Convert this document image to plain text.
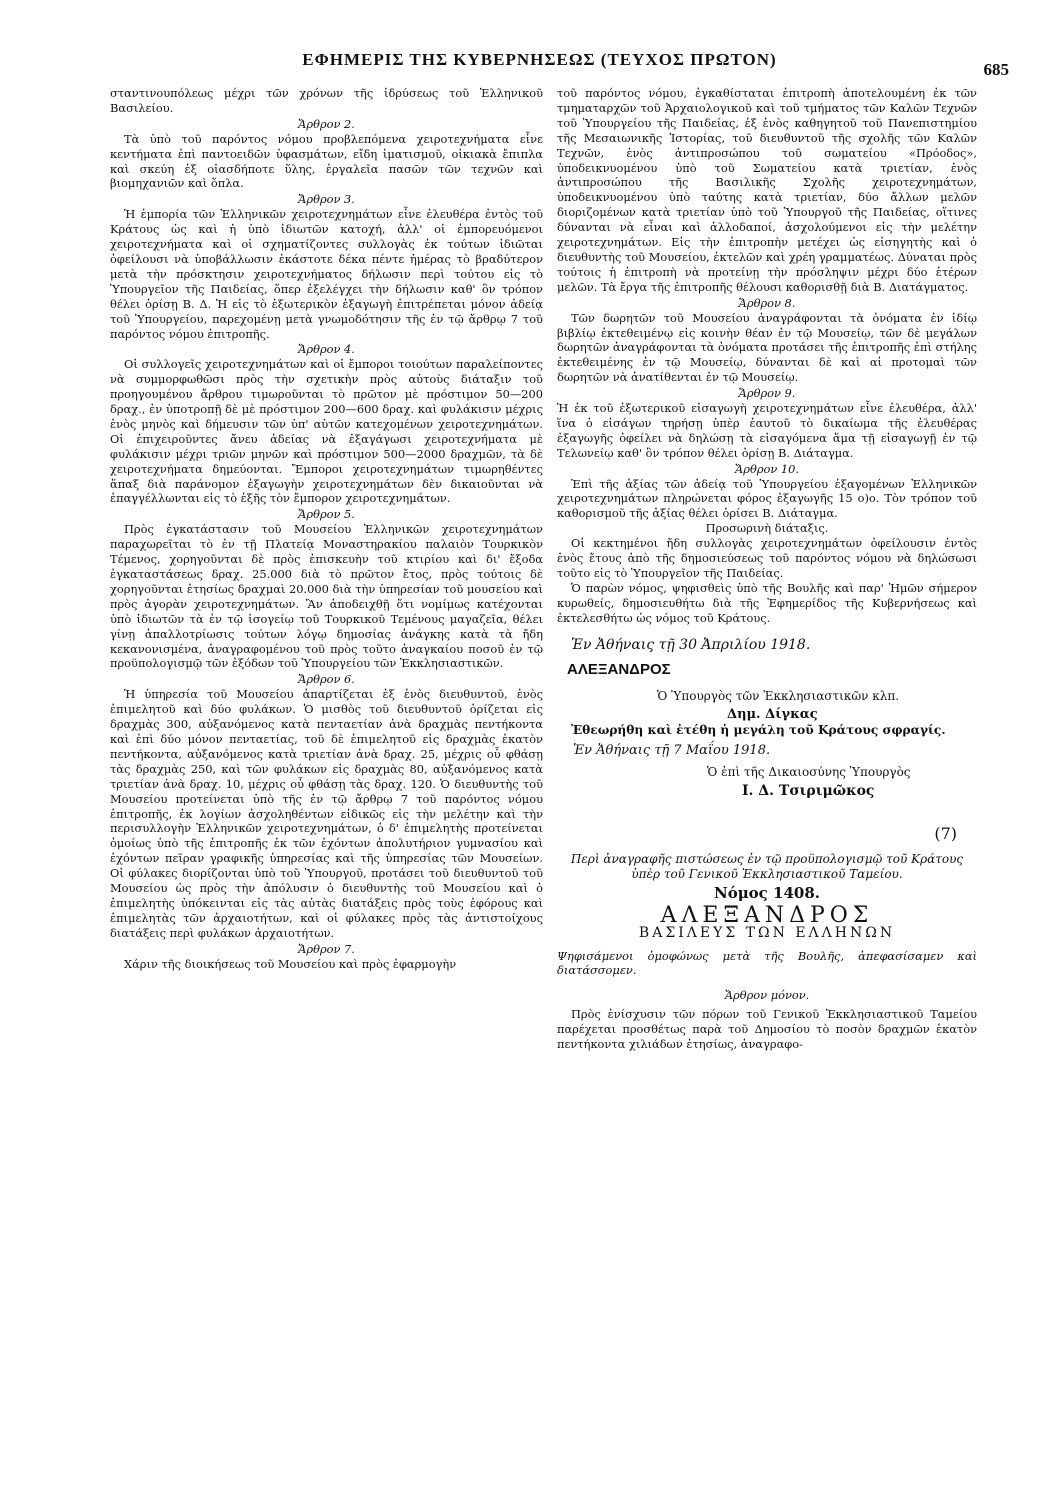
ΕΦΗΜΕΡΙΣ ΤΗΣ ΚΥΒΕΡΝΗΣΕΩΣ (ΤΕΥΧΟΣ ΠΡΩΤΟΝ)
685

σταντινουπόλεως μέχρι τῶν χρόνων τῆς ἱδρύσεως τοῦ Ἑλληνικοῦ Βασιλείου.

Ἄρθρον 2.

Τὰ ὑπὸ τοῦ παρόντος νόμου προβλεπόμενα χειροτεχνήματα εἶνε κεντήματα ἐπὶ παντοειδῶν ὑφασμάτων, εἴδη ἱματισμοῦ, οἰκιακὰ ἔπιπλα καὶ σκεύη ἐξ οἱασδήποτε ὕλης, ἐργαλεῖα πασῶν τῶν τεχνῶν καὶ βιομηχανιῶν καὶ ὅπλα.

Ἄρθρον 3.

Ἡ ἐμπορία τῶν Ἑλληνικῶν χειροτεχνημάτων εἶνε ἐλευθέρα ἐντὸς τοῦ Κράτους ὡς καὶ ἡ ὑπὸ ἰδιωτῶν κατοχή, ἀλλ' οἱ ἐμπορευόμενοι χειροτεχνήματα καὶ οἱ σχηματίζοντες συλλογὰς ἐκ τούτων ἰδιῶται ὀφείλουσι νὰ ὑποβάλλωσιν ἑκάστοτε δέκα πέντε ἡμέρας τὸ βραδύτερον μετὰ τὴν πρόσκτησιν χειροτεχνήματος δήλωσιν περὶ τούτου εἰς τὸ Ὑπουργεῖον τῆς Παιδείας, ὅπερ ἐξελέγχει τὴν δήλωσιν καθ' ὃν τρόπον θέλει ὁρίσῃ Β. Δ. Ἡ εἰς τὸ ἐξωτερικὸν ἐξαγωγὴ ἐπιτρέπεται μόνον ἀδείᾳ τοῦ Ὑπουργείου, παρεχομένῃ μετὰ γνωμοδότησιν τῆς ἐν τῷ ἄρθρῳ 7 τοῦ παρόντος νόμου ἐπιτροπῆς.

Ἄρθρον 4.

Οἱ συλλογεῖς χειροτεχνημάτων καὶ οἱ ἔμποροι τοιούτων παραλείποντες νὰ συμμορφωθῶσι πρὸς τὴν σχετικὴν πρὸς αὐτοὺς διάταξιν τοῦ προηγουμένου ἄρθρου τιμωροῦνται τὸ πρῶτον μὲ πρόστιμον 50—200 δραχ., ἐν ὑποτροπῇ δὲ μὲ πρόστιμον 200—600 δραχ. καὶ φυλάκισιν μέχρις ἑνὸς μηνὸς καὶ δήμευσιν τῶν ὑπ' αὐτῶν κατεχομένων χειροτεχνημάτων. Οἱ ἐπιχειροῦντες ἄνευ ἀδείας νὰ ἐξαγάγωσι χειροτεχνήματα μὲ φυλάκισιν μέχρι τριῶν μηνῶν καὶ πρόστιμον 500—2000 δραχμῶν, τὰ δὲ χειροτεχνήματα δημεύονται. Ἔμποροι χειροτεχνημάτων τιμωρηθέντες ἅπαξ διὰ παράνομον ἐξαγωγὴν χειροτεχνημάτων δὲν δικαιοῦνται νὰ ἐπαγγέλλωνται εἰς τὸ ἑξῆς τὸν ἔμπορον χειροτεχνημάτων.

Ἄρθρον 5.

Πρὸς ἐγκατάστασιν τοῦ Μουσείου Ἑλληνικῶν χειροτεχνημάτων παραχωρεῖται τὸ ἐν τῇ Πλατείᾳ Μοναστηρακίου παλαιὸν Τουρκικὸν Τέμενος, χορηγοῦνται δὲ πρὸς ἐπισκευὴν τοῦ κτιρίου καὶ δι' ἔξοδα ἐγκαταστάσεως δραχ. 25.000 διὰ τὸ πρῶτον ἔτος, πρὸς τούτοις δὲ χορηγοῦνται ἐτησίως δραχμαὶ 20.000 διὰ τὴν ὑπηρεσίαν τοῦ μουσείου καὶ πρὸς ἀγορὰν χειροτεχνημάτων. Ἂν ἀποδειχθῇ ὅτι νομίμως κατέχονται ὑπὸ ἰδιωτῶν τὰ ἐν τῷ ἰσογείῳ τοῦ Τουρκικοῦ Τεμένους μαγαζεῖα, θέλει γίνῃ ἀπαλλοτρίωσις τούτων λόγῳ δημοσίας ἀνάγκης κατὰ τὰ ἤδη κεκανονισμένα, ἀναγραφομένου τοῦ πρὸς τοῦτο ἀναγκαίου ποσοῦ ἐν τῷ προϋπολογισμῷ τῶν ἐξόδων τοῦ Ὑπουργείου τῶν Ἐκκλησιαστικῶν.

Ἄρθρον 6.

Ἡ ὑπηρεσία τοῦ Μουσείου ἀπαρτίζεται ἐξ ἑνὸς διευθυντοῦ, ἑνὸς ἐπιμελητοῦ καὶ δύο φυλάκων. Ὁ μισθὸς τοῦ διευθυντοῦ ὁρίζεται εἰς δραχμὰς 300, αὐξανόμενος κατὰ πενταετίαν ἀνὰ δραχμὰς πεντήκοντα καὶ ἐπὶ δύο μόνον πενταετίας, τοῦ δὲ ἐπιμελητοῦ εἰς δραχμὰς ἑκατὸν πεντήκοντα, αὐξανόμενος κατὰ τριετίαν ἀνὰ δραχ. 25, μέχρις οὗ φθάσῃ τὰς δραχμὰς 250, καὶ τῶν φυλάκων εἰς δραχμὰς 80, αὐξανόμενος κατὰ τριετίαν ἀνὰ δραχ. 10, μέχρις οὗ φθάσῃ τὰς δραχ. 120. Ὁ διευθυντὴς τοῦ Μουσείου προτείνεται ὑπὸ τῆς ἐν τῷ ἄρθρῳ 7 τοῦ παρόντος νόμου ἐπιτροπῆς, ἐκ λογίων ἀσχοληθέντων εἰδικῶς εἰς τὴν μελέτην καὶ τὴν περισυλλογὴν Ἑλληνικῶν χειροτεχνημάτων, ὁ δ' ἐπιμελητὴς προτείνεται ὁμοίως ὑπὸ τῆς ἐπιτροπῆς ἐκ τῶν ἐχόντων ἀπολυτήριον γυμνασίου καὶ ἐχόντων πεῖραν γραφικῆς ὑπηρεσίας καὶ τῆς ὑπηρεσίας τῶν Μουσείων. Οἱ φύλακες διορίζονται ὑπὸ τοῦ Ὑπουργοῦ, προτάσει τοῦ διευθυντοῦ τοῦ Μουσείου ὡς πρὸς τὴν ἀπόλυσιν ὁ διευθυντὴς τοῦ Μουσείου καὶ ὁ ἐπιμελητὴς ὑπόκεινται εἰς τὰς αὐτὰς διατάξεις πρὸς τοὺς ἐφόρους καὶ ἐπιμελητὰς τῶν ἀρχαιοτήτων, καὶ οἱ φύλακες πρὸς τὰς ἀντιστοίχους διατάξεις περὶ φυλάκων ἀρχαιοτήτων.

Ἄρθρον 7.

Χάριν τῆς διοικήσεως τοῦ Μουσείου καὶ πρὸς ἐφαρμογὴν

τοῦ παρόντος νόμου, ἐγκαθίσταται ἐπιτροπὴ ἀποτελουμένη ἐκ τῶν τμηματαρχῶν τοῦ Ἀρχαιολογικοῦ καὶ τοῦ τμήματος τῶν Καλῶν Τεχνῶν τοῦ Ὑπουργείου τῆς Παιδείας, ἐξ ἑνὸς καθηγητοῦ τοῦ Πανεπιστημίου τῆς Μεσαιωνικῆς Ἱστορίας, τοῦ διευθυντοῦ τῆς σχολῆς τῶν Καλῶν Τεχνῶν, ἑνὸς ἀντιπροσώπου τοῦ σωματείου «Πρόοδος», ὑποδεικνυομένου ὑπὸ τοῦ Σωματείου κατὰ τριετίαν, ἑνὸς ἀντιπροσώπου τῆς Βασιλικῆς Σχολῆς χειροτεχνημάτων, ὑποδεικνυομένου ὑπὸ ταύτης κατὰ τριετίαν, δύο ἄλλων μελῶν διοριζομένων κατὰ τριετίαν ὑπὸ τοῦ Ὑπουργοῦ τῆς Παιδείας, οἵτινες δύνανται νὰ εἶναι καὶ ἀλλοδαποί, ἀσχολούμενοι εἰς τὴν μελέτην χειροτεχνημάτων. Εἰς τὴν ἐπιτροπὴν μετέχει ὡς εἰσηγητὴς καὶ ὁ διευθυντὴς τοῦ Μουσείου, ἐκτελῶν καὶ χρέη γραμματέως. Δύναται πρὸς τούτοις ἡ ἐπιτροπὴ νὰ προτείνῃ τὴν πρόσληψιν μέχρι δύο ἑτέρων μελῶν. Τὰ ἔργα τῆς ἐπιτροπῆς θέλουσι καθορισθῇ διὰ Β. Διατάγματος.

Ἄρθρον 8.

Τῶν δωρητῶν τοῦ Μουσείου ἀναγράφονται τὰ ὀνόματα ἐν ἰδίῳ βιβλίῳ ἐκτεθειμένῳ εἰς κοινὴν θέαν ἐν τῷ Μουσείῳ, τῶν δὲ μεγάλων δωρητῶν ἀναγράφονται τὰ ὀνόματα προτάσει τῆς ἐπιτροπῆς ἐπὶ στήλης ἐκτεθειμένης ἐν τῷ Μουσείῳ, δύνανται δὲ καὶ αἱ προτομαὶ τῶν δωρητῶν νὰ ἀνατίθενται ἐν τῷ Μουσείῳ.

Ἄρθρον 9.

Ἡ ἐκ τοῦ ἐξωτερικοῦ εἰσαγωγὴ χειροτεχνημάτων εἶνε ἐλευθέρα, ἀλλ' ἵνα ὁ εἰσάγων τηρήσῃ ὑπὲρ ἑαυτοῦ τὸ δικαίωμα τῆς ἐλευθέρας ἐξαγωγῆς ὀφείλει νὰ δηλώσῃ τὰ εἰσαγόμενα ἅμα τῇ εἰσαγωγῇ ἐν τῷ Τελωνείῳ καθ' ὃν τρόπον θέλει ὁρίσῃ Β. Διάταγμα.

Ἄρθρον 10.

Ἐπὶ τῆς ἀξίας τῶν ἀδείᾳ τοῦ Ὑπουργείου ἐξαγομένων Ἑλληνικῶν χειροτεχνημάτων πληρώνεται φόρος ἐξαγωγῆς 15 ο)ο. Τὸν τρόπον τοῦ καθορισμοῦ τῆς ἀξίας θέλει ὁρίσει Β. Διάταγμα.

Προσωρινὴ διάταξις.

Οἱ κεκτημένοι ἤδη συλλογὰς χειροτεχνημάτων ὀφείλουσιν ἐντὸς ἑνὸς ἔτους ἀπὸ τῆς δημοσιεύσεως τοῦ παρόντος νόμου νὰ δηλώσωσι τοῦτο εἰς τὸ Ὑπουργεῖον τῆς Παιδείας.

Ὁ παρὼν νόμος, ψηφισθεὶς ὑπὸ τῆς Βουλῆς καὶ παρ' Ἡμῶν σήμερον κυρωθείς, δημοσιευθήτω διὰ τῆς Ἐφημερίδος τῆς Κυβερνήσεως καὶ ἐκτελεσθήτω ὡς νόμος τοῦ Κράτους.

Ἐν Ἀθήναις τῇ 30 Ἀπριλίου 1918.
ΑΛΕΞΑΝΔΡΟΣ
Ὁ Ὑπουργὸς τῶν Ἐκκλησιαστικῶν κλπ.
Δημ. Δίγκας

Ἐθεωρήθη καὶ ἐτέθη ἡ μεγάλη τοῦ Κράτους σφραγίς.

Ἐν Ἀθήναις τῇ 7 Μαΐου 1918.
Ὁ ἐπὶ τῆς Δικαιοσύνης Ὑπουργὸς
Ι. Δ. Τσιριμῶκος
(7)
Περὶ ἀναγραφῆς πιστώσεως ἐν τῷ προϋπολογισμῷ τοῦ Κράτους ὑπὲρ τοῦ Γενικοῦ Ἐκκλησιαστικοῦ Ταμείου.
Νόμος 1408.
ΑΛΕΞΑΝΔΡΟΣ
ΒΑΣΙΛΕΥΣ ΤΩΝ ΕΛΛΗΝΩΝ

Ψηφισάμενοι ὁμοφώνως μετὰ τῆς Βουλῆς, ἀπεφασίσαμεν καὶ διατάσσομεν.

Ἄρθρον μόνον.

Πρὸς ἐνίσχυσιν τῶν πόρων τοῦ Γενικοῦ Ἐκκλησιαστικοῦ Ταμείου παρέχεται προσθέτως παρὰ τοῦ Δημοσίου τὸ ποσὸν δραχμῶν ἑκατὸν πεντήκοντα χιλιάδων ἐτησίως, ἀναγραφο-
